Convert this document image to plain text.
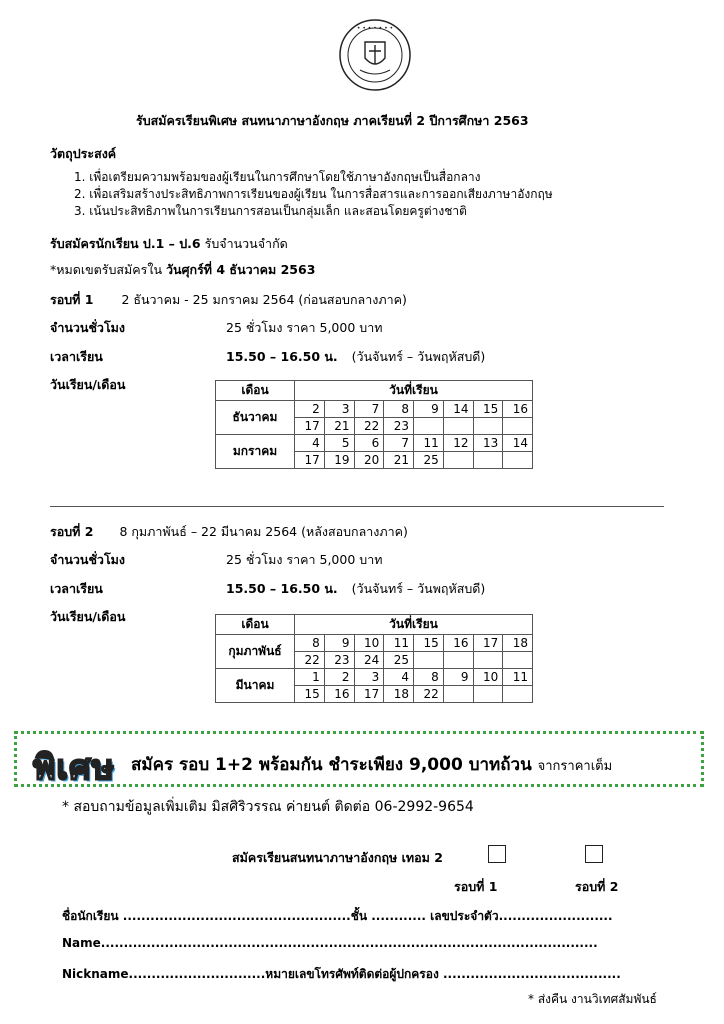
• • • • • • •
รับสมัครเรียนพิเศษ สนทนาภาษาอังกฤษ ภาคเรียนที่ 2 ปีการศึกษา 2563
วัตถุประสงค์
1. เพื่อเตรียมความพร้อมของผู้เรียนในการศึกษาโดยใช้ภาษาอังกฤษเป็นสื่อกลาง
2. เพื่อเสริมสร้างประสิทธิภาพการเรียนของผู้เรียน ในการสื่อสารและการออกเสียงภาษาอังกฤษ
3. เน้นประสิทธิภาพในการเรียนการสอนเป็นกลุ่มเล็ก และสอนโดยครูต่างชาติ
รับสมัครนักเรียน ป.1 – ป.6 รับจำนวนจำกัด
*หมดเขตรับสมัครใน วันศุกร์ที่ 4 ธันวาคม 2563
รอบที่ 1 2 ธันวาคม - 25 มกราคม 2564 (ก่อนสอบกลางภาค)
จำนวนชั่วโมง	25 ชั่วโมง ราคา 5,000 บาท
เวลาเรียน	15.50 – 16.50 น. (วันจันทร์ – วันพฤหัสบดี)
วันเรียน/เดือน	เดือน	วันที่เรียน							
ธันวาคม	2	3	7	8	9	14	15	16
	17	21	22	23				
มกราคม	4	5	6	7	11	12	13	14
	17	19	20	21	25			
รอบที่ 2 8 กุมภาพันธ์ – 22 มีนาคม 2564 (หลังสอบกลางภาค)
จำนวนชั่วโมง	25 ชั่วโมง ราคา 5,000 บาท
เวลาเรียน	15.50 – 16.50 น. (วันจันทร์ – วันพฤหัสบดี)
วันเรียน/เดือน	เดือน	วันที่เรียน							
กุมภาพันธ์	8	9	10	11	15	16	17	18
	22	23	24	25				
มีนาคม	1	2	3	4	8	9	10	11
	15	16	17	18	22			
พิเศษ สมัคร รอบ 1+2 พร้อมกัน ชำระเพียง 9,000 บาทถ้วน จากราคาเต็ม
* สอบถามข้อมูลเพิ่มเติม มิสศิริวรรณ ค่ายนต์ ติดต่อ 06-2992-9654
สมัครเรียนสนทนาภาษาอังกฤษ เทอม 2
รอบที่ 1	รอบที่ 2
ชื่อนักเรียน ..................................................ชั้น ............ เลขประจำตัว.........................
Name.............................................................................................................
Nickname..............................หมายเลขโทรศัพท์ติดต่อผู้ปกครอง .......................................
* ส่งคืน งานวิเทศสัมพันธ์
